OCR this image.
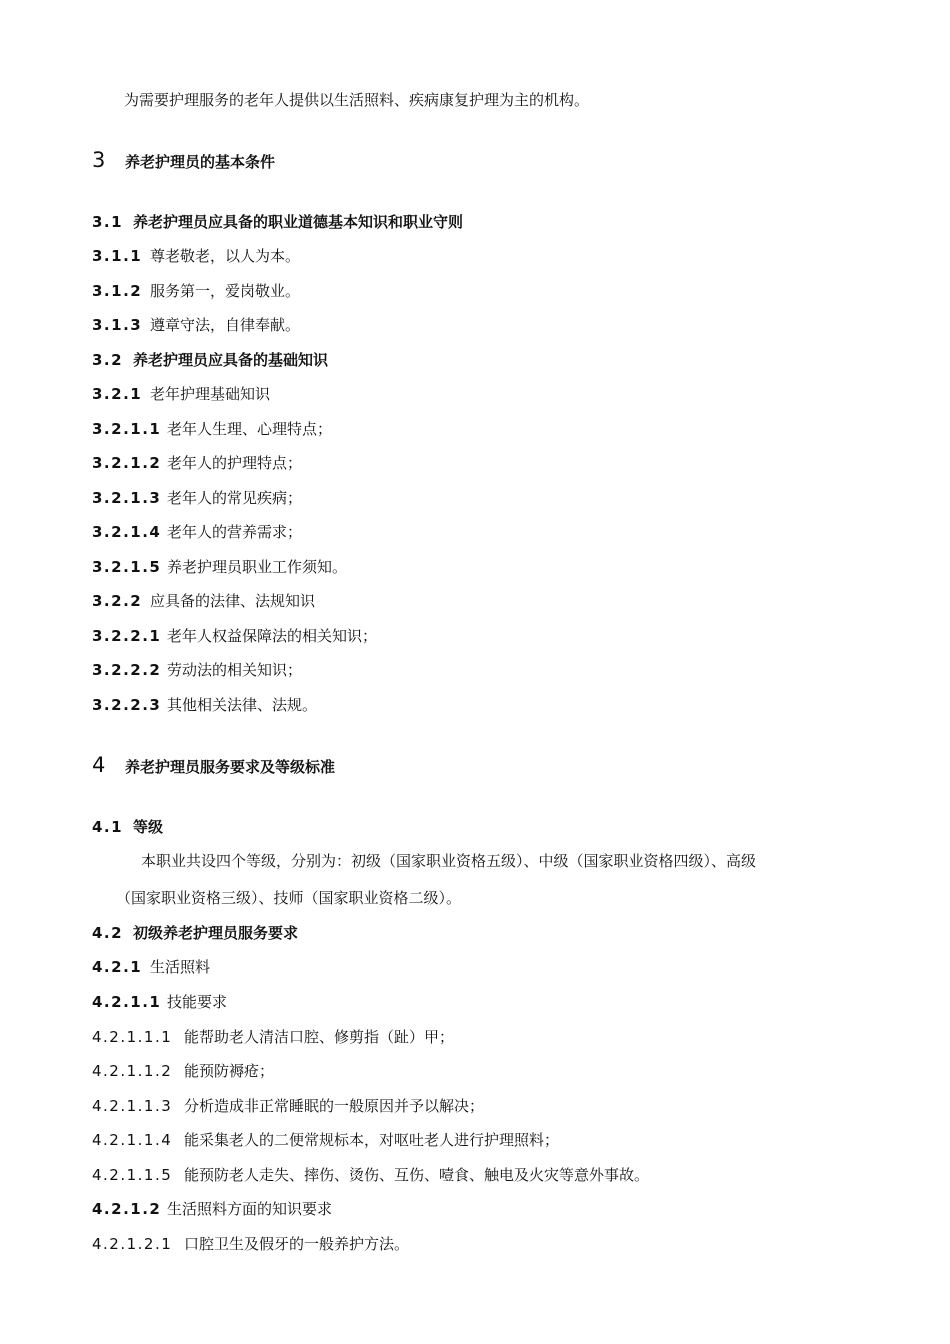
为需要护理服务的老年人提供以生活照料、疾病康复护理为主的机构。
3 养老护理员的基本条件
3.1 养老护理员应具备的职业道德基本知识和职业守则
3.1.1 尊老敬老，以人为本。
3.1.2 服务第一，爱岗敬业。
3.1.3 遵章守法，自律奉献。
3.2 养老护理员应具备的基础知识
3.2.1 老年护理基础知识
3.2.1.1 老年人生理、心理特点；
3.2.1.2 老年人的护理特点；
3.2.1.3 老年人的常见疾病；
3.2.1.4 老年人的营养需求；
3.2.1.5 养老护理员职业工作须知。
3.2.2 应具备的法律、法规知识
3.2.2.1 老年人权益保障法的相关知识；
3.2.2.2 劳动法的相关知识；
3.2.2.3 其他相关法律、法规。
4 养老护理员服务要求及等级标准
4.1 等级
本职业共设四个等级，分别为：初级（国家职业资格五级）、中级（国家职业资格四级）、高级
（国家职业资格三级）、技师（国家职业资格二级）。
4.2 初级养老护理员服务要求
4.2.1 生活照料
4.2.1.1 技能要求
4.2.1.1.1 能帮助老人清洁口腔、修剪指（趾）甲；
4.2.1.1.2 能预防褥疮；
4.2.1.1.3 分析造成非正常睡眠的一般原因并予以解决；
4.2.1.1.4 能采集老人的二便常规标本，对呕吐老人进行护理照料；
4.2.1.1.5 能预防老人走失、摔伤、烫伤、互伤、噎食、触电及火灾等意外事故。
4.2.1.2 生活照料方面的知识要求
4.2.1.2.1 口腔卫生及假牙的一般养护方法。
